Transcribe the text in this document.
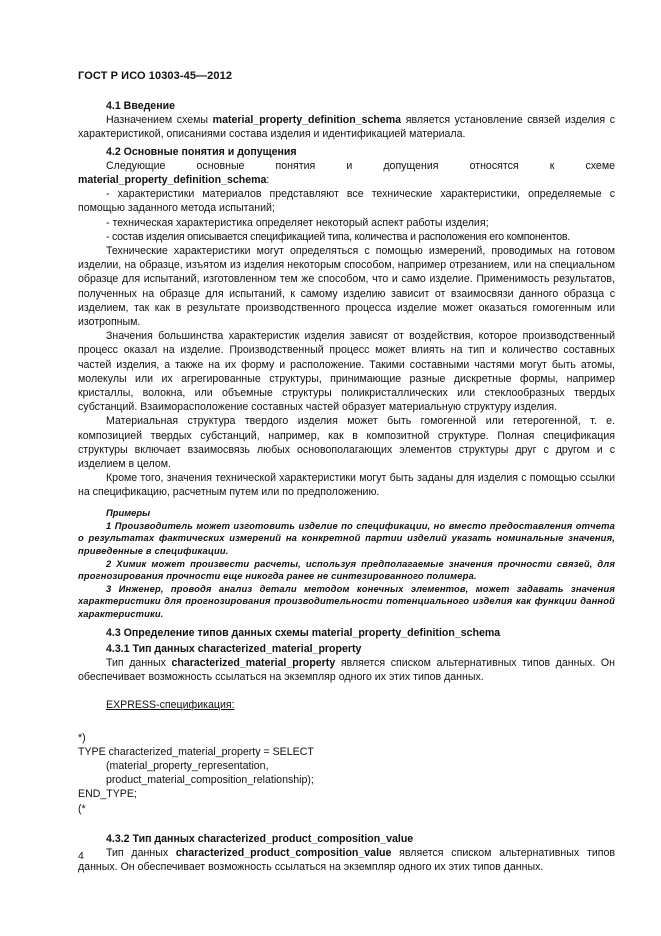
ГОСТ Р ИСО 10303-45—2012

4.1 Введение

Назначением схемы material_property_definition_schema является установление связей изделия с характеристикой, описаниями состава изделия и идентификацией материала.

4.2 Основные понятия и допущения

Следующие основные понятия и допущения относятся к схеме material_property_definition_schema:

- характеристики материалов представляют все технические характеристики, определяемые с помощью заданного метода испытаний;

- техническая характеристика определяет некоторый аспект работы изделия;

- состав изделия описывается спецификацией типа, количества и расположения его компонентов.

Технические характеристики могут определяться с помощью измерений, проводимых на готовом изделии, на образце, изъятом из изделия некоторым способом, например отрезанием, или на специальном образце для испытаний, изготовленном тем же способом, что и само изделие. Применимость результатов, полученных на образце для испытаний, к самому изделию зависит от взаимосвязи данного образца с изделием, так как в результате производственного процесса изделие может оказаться гомогенным или изотропным.

Значения большинства характеристик изделия зависят от воздействия, которое производственный процесс оказал на изделие. Производственный процесс может влиять на тип и количество составных частей изделия, а также на их форму и расположение. Такими составными частями могут быть атомы, молекулы или их агрегированные структуры, принимающие разные дискретные формы, например кристаллы, волокна, или объемные структуры поликристаллических или стеклообразных твердых субстанций. Взаиморасположение составных частей образует материальную структуру изделия.

Материальная структура твердого изделия может быть гомогенной или гетерогенной, т. е. композицией твердых субстанций, например, как в композитной структуре. Полная спецификация структуры включает взаимосвязь любых основополагающих элементов структуры друг с другом и с изделием в целом.

Кроме того, значения технической характеристики могут быть заданы для изделия с помощью ссылки на спецификацию, расчетным путем или по предположению.

Примеры

1 Производитель может изготовить изделие по спецификации, но вместо предоставления отчета о результатах фактических измерений на конкретной партии изделий указать номинальные значения, приведенные в спецификации.

2 Химик может произвести расчеты, используя предполагаемые значения прочности связей, для прогнозирования прочности еще никогда ранее не синтезированного полимера.

3 Инженер, проводя анализ детали методом конечных элементов, может задавать значения характеристики для прогнозирования производительности потенциального изделия как функции данной характеристики.

4.3 Определение типов данных схемы material_property_definition_schema

4.3.1 Тип данных characterized_material_property

Тип данных characterized_material_property является списком альтернативных типов данных. Он обеспечивает возможность ссылаться на экземпляр одного их этих типов данных.

EXPRESS-спецификация:

*)

TYPE characterized_material_property = SELECT

(material_property_representation,

product_material_composition_relationship);

END_TYPE;

(*

4.3.2 Тип данных characterized_product_composition_value

Тип данных characterized_product_composition_value является списком альтернативных типов данных. Он обеспечивает возможность ссылаться на экземпляр одного их этих типов данных.

4
